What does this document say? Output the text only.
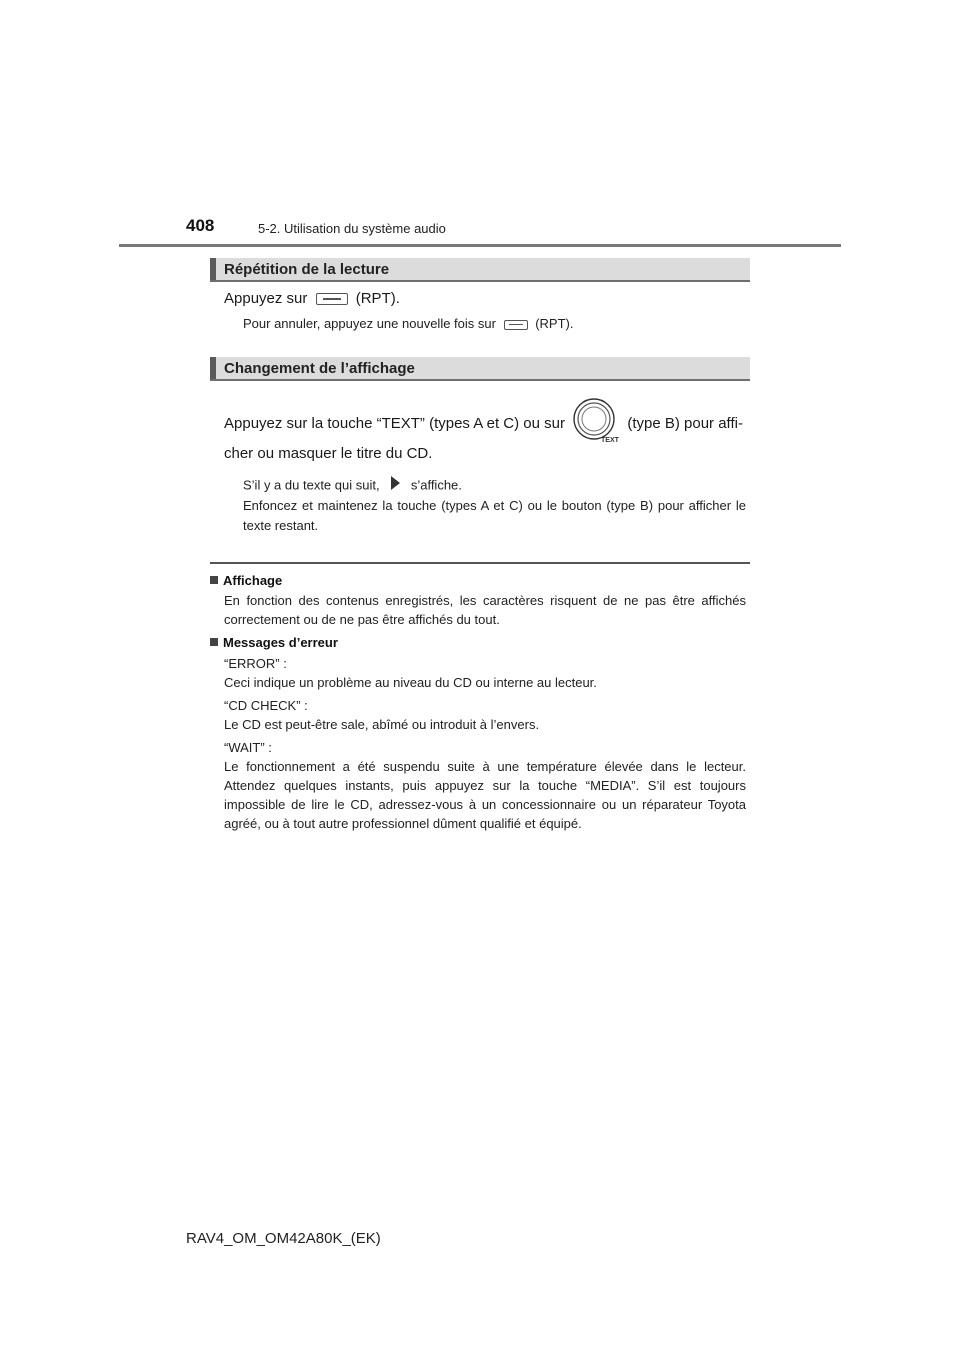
408	5-2. Utilisation du système audio
Répétition de la lecture
Appuyez sur	(RPT).
Pour annuler, appuyez une nouvelle fois sur	(RPT).
Changement de l’affichage
Appuyez sur la touche “TEXT” (types A et C) ou sur
TEXT
(type B) pour affi-
cher ou masquer le titre du CD.
S’il y a du texte qui suit, s’affiche.
Enfoncez et maintenez la touche (types A et C) ou le bouton (type B) pour afficher le texte restant.
Affichage
En fonction des contenus enregistrés, les caractères risquent de ne pas être affichés correctement ou de ne pas être affichés du tout.
Messages d’erreur
“ERROR” :
Ceci indique un problème au niveau du CD ou interne au lecteur.
“CD CHECK” :
Le CD est peut-être sale, abîmé ou introduit à l’envers.
“WAIT” :
Le fonctionnement a été suspendu suite à une température élevée dans le lecteur. Attendez quelques instants, puis appuyez sur la touche “MEDIA”. S’il est toujours impossible de lire le CD, adressez-vous à un concessionnaire ou un réparateur Toyota agréé, ou à tout autre professionnel dûment qualifié et équipé.
RAV4_OM_OM42A80K_(EK)
